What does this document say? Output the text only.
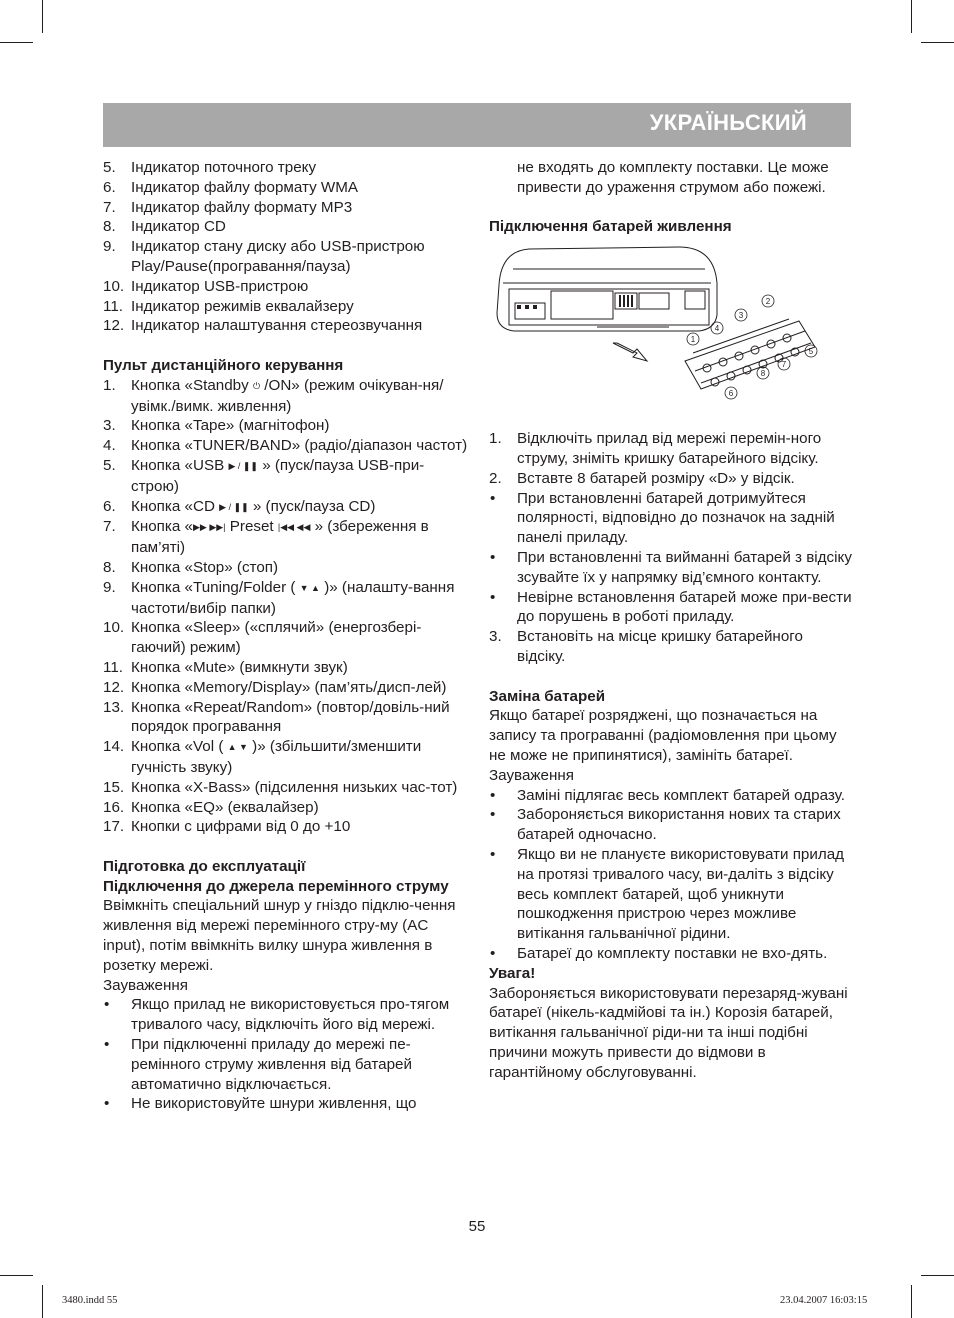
УКРАЇНЬСКИЙ
5. Індикатор поточного треку
6. Індикатор файлу формату WMA
7. Індикатор файлу формату MP3
8. Індикатор CD
9. Індикатор стану диску або USB-пристрою Play/Pause(програвання/пауза)
10. Індикатор USB-пристрою
11. Індикатор режимів еквалайзеру
12. Індикатор налаштування стереозвучання
Пульт дистанційного керування
1. Кнопка «Standby ⏻ /ON» (режим очікуван-ня/увімк./вимк. живлення)
3. Кнопка «Tape» (магнітофон)
4. Кнопка «TUNER/BAND» (радіо/діапазон частот)
5. Кнопка «USB ▶ / ❚❚ » (пуск/пауза USB-при-строю)
6. Кнопка «CD ▶ / ❚❚ » (пуск/пауза CD)
7. Кнопка «▶▶ ▶▶| Preset |◀◀ ◀◀ » (збереження в пам’яті)
8. Кнопка «Stop» (стоп)
9. Кнопка «Tuning/Folder ( ▼ ▲ )» (налашту-вання частоти/вибір папки)
10. Кнопка «Sleep» («сплячий» (енергозбері-гаючий) режим)
11. Кнопка «Mute» (вимкнути звук)
12. Кнопка «Memory/Display» (пам’ять/дисп-лей)
13. Кнопка «Repeat/Random» (повтор/довіль-ний порядок програвання
14. Кнопка «Vol ( ▲ ▼ )» (збільшити/зменшити гучність звуку)
15. Кнопка «X-Bass» (підсилення низьких час-тот)
16. Кнопка «EQ» (еквалайзер)
17. Кнопки с цифрами від 0 до +10
Підготовка до експлуатації
Підключення до джерела перемінного струму
Ввімкніть спеціальний шнур у гніздо підклю-чення живлення від мережі перемінного стру-му (AC input), потім ввімкніть вилку шнура живлення в розетку мережі.
Зауваження
• Якщо прилад не використовується про-тягом тривалого часу, відключіть його від мережі.
• При підключенні приладу до мережі пе-ремінного струму живлення від батарей автоматично відключається.
• Не використовуйте шнури живлення, що
не входять до комплекту поставки. Це може привести до ураження струмом або пожежі.
Підключення батарей живлення
1
2
3
4
5
6
7
8
1. Відключіть прилад від мережі перемін-ного струму, зніміть кришку батарейного відсіку.
2. Вставте 8 батарей розміру «D» у відсік.
• При встановленні батарей дотримуйтеся полярності, відповідно до позначок на задній панелі приладу.
• При встановленні та вийманні батарей з відсіку зсувайте їх у напрямку від’ємного контакту.
• Невірне встановлення батарей може при-вести до порушень в роботі приладу.
3. Встановіть на місце кришку батарейного відсіку.
Заміна батарей
Якщо батареї розряджені, що позначається на запису та програванні (радіомовлення при цьому не може не припинятися), замініть батареї.
Зауваження
• Заміні підлягає весь комплект батарей одразу.
• Забороняється використання нових та старих батарей одночасно.
• Якщо ви не плануєте використовувати прилад на протязі тривалого часу, ви-даліть з відсіку весь комплект батарей, щоб уникнути пошкодження пристрою через можливе витікання гальванічної рідини.
• Батареї до комплекту поставки не вхо-дять.
Увага!
Забороняється використовувати перезаряд-жувані батареї (нікель-кадмійові та ін.) Корозія батарей, витікання гальванічної ріди-ни та інші подібні причини можуть привести до відмови в гарантійному обслуговуванні.
55
3480.indd 55	23.04.2007 16:03:15
